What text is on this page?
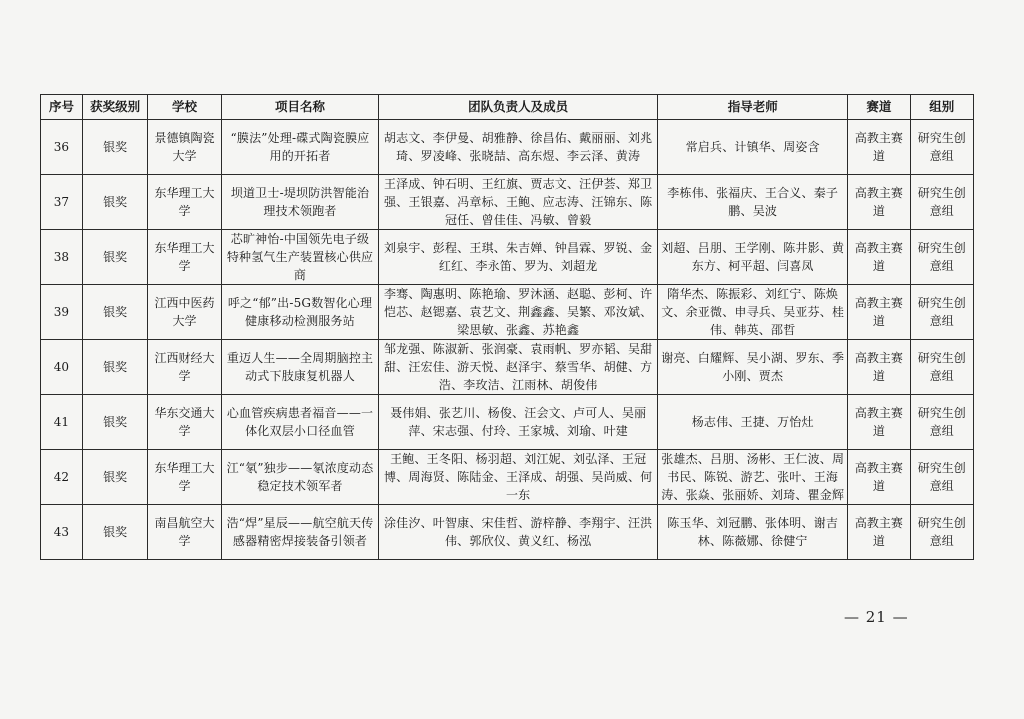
序号	获奖级别	学校	项目名称	团队负责人及成员	指导老师	赛道	组别
36	银奖	景德镇陶瓷大学	“膜法”处理-碟式陶瓷膜应用的开拓者	胡志文、李伊曼、胡雅静、徐昌佑、戴丽丽、刘兆琦、罗凌峰、张晓喆、高东煜、李云泽、黄涛	常启兵、计镇华、周姿含	高教主赛道	研究生创意组
37	银奖	东华理工大学	坝道卫士-堤坝防洪智能治理技术领跑者	王泽成、钟石明、王红旗、贾志文、汪伊荟、郑卫强、王银嘉、冯章标、王鲍、应志涛、汪锦东、陈冠任、曾佳佳、冯敏、曾毅	李栋伟、张福庆、王合义、秦子鹏、吴波	高教主赛道	研究生创意组
38	银奖	东华理工大学	芯旷神怡-中国领先电子级特种氢气生产装置核心供应商	刘泉宇、彭程、王琪、朱吉婵、钟昌霖、罗锐、金红红、李永笛、罗为、刘超龙	刘超、吕朋、王学刚、陈井影、黄东方、柯平超、闫喜凤	高教主赛道	研究生创意组
39	银奖	江西中医药大学	呼之“郁”出-5G数智化心理健康移动检测服务站	李骞、陶惠明、陈艳瑜、罗沐涵、赵聪、彭柯、许恺芯、赵锶嘉、袁艺文、荆鑫鑫、吴繁、邓汝斌、梁思敏、张鑫、苏艳鑫	隋华杰、陈振彩、刘红宁、陈焕文、余亚微、申寻兵、吴亚芬、桂伟、韩英、邵哲	高教主赛道	研究生创意组
40	银奖	江西财经大学	重迈人生——全周期脑控主动式下肢康复机器人	邹龙强、陈淑新、张润豪、袁雨帆、罗亦韬、吴甜甜、汪宏佳、游天悦、赵泽宇、蔡雪华、胡健、方浩、李玫洁、江雨林、胡俊伟	谢亮、白耀辉、吴小湖、罗东、季小刚、贾杰	高教主赛道	研究生创意组
41	银奖	华东交通大学	心血管疾病患者福音——一体化双层小口径血管	聂伟娟、张艺川、杨俊、汪会文、卢可人、吴丽萍、宋志强、付玲、王家城、刘瑜、叶建	杨志伟、王捷、万怡灶	高教主赛道	研究生创意组
42	银奖	东华理工大学	江“氡”独步——氡浓度动态稳定技术领军者	王鲍、王冬阳、杨羽超、刘江妮、刘弘泽、王冠博、周海贤、陈陆金、王泽成、胡强、吴尚威、何一东	张雄杰、吕朋、汤彬、王仁波、周书民、陈锐、游艺、张叶、王海涛、张焱、张丽娇、刘琦、瞿金辉	高教主赛道	研究生创意组
43	银奖	南昌航空大学	浩“焊”星辰——航空航天传感器精密焊接装备引领者	涂佳汐、叶智康、宋佳哲、游梓静、李翔宇、汪洪伟、郭欣仪、黄义红、杨泓	陈玉华、刘冠鹏、张体明、谢吉林、陈薇娜、徐健宁	高教主赛道	研究生创意组
— 21 —
